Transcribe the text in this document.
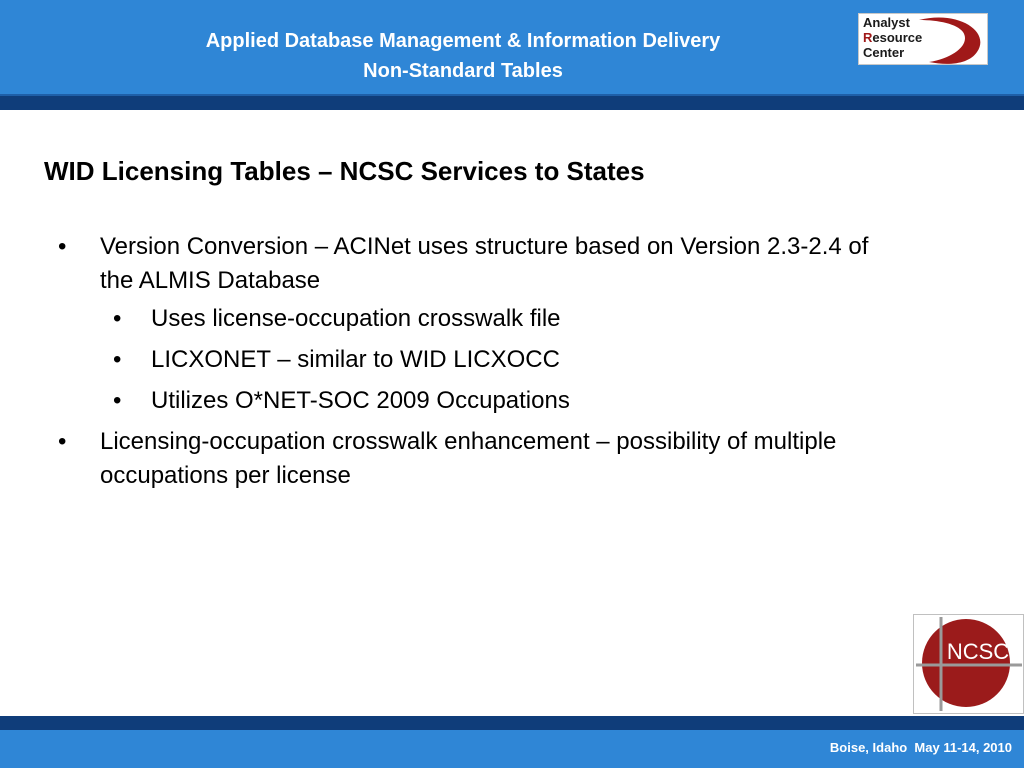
Applied Database Management & Information Delivery
Non-Standard Tables
Analyst
Resource
Center
WID Licensing Tables – NCSC Services to States
• Version Conversion – ACINet uses structure based on Version 2.3-2.4 of the ALMIS Database
• Uses license-occupation crosswalk file
• LICXONET – similar to WID LICXOCC
• Utilizes O*NET-SOC 2009 Occupations
• Licensing-occupation crosswalk enhancement – possibility of multiple occupations per license
NCSC
Boise, Idaho  May 11-14, 2010
